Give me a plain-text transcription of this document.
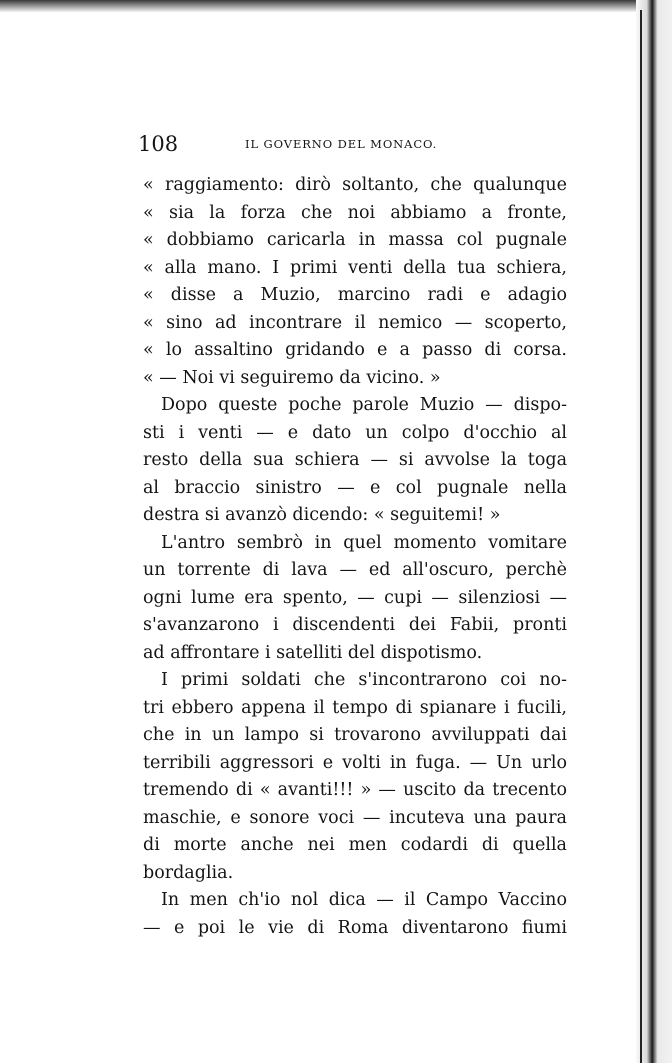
108	IL GOVERNO DEL MONACO.
« raggiamento: dirò soltanto, che qualunque
« sia la forza che noi abbiamo a fronte,
« dobbiamo caricarla in massa col pugnale
« alla mano. I primi venti della tua schiera,
« disse a Muzio, marcino radi e adagio
« sino ad incontrare il nemico — scoperto,
« lo assaltino gridando e a passo di corsa.
« — Noi vi seguiremo da vicino. »
Dopo queste poche parole Muzio — dispo-
sti i venti — e dato un colpo d'occhio al
resto della sua schiera — si avvolse la toga
al braccio sinistro — e col pugnale nella
destra si avanzò dicendo: « seguitemi! »
L'antro sembrò in quel momento vomitare
un torrente di lava — ed all'oscuro, perchè
ogni lume era spento, — cupi — silenziosi —
s'avanzarono i discendenti dei Fabii, pronti
ad affrontare i satelliti del dispotismo.
I primi soldati che s'incontrarono coi no-
tri ebbero appena il tempo di spianare i fucili,
che in un lampo si trovarono avviluppati dai
terribili aggressori e volti in fuga. — Un urlo
tremendo di « avanti!!! » — uscito da trecento
maschie, e sonore voci — incuteva una paura
di morte anche nei men codardi di quella
bordaglia.
In men ch'io nol dica — il Campo Vaccino
— e poi le vie di Roma diventarono fiumi
